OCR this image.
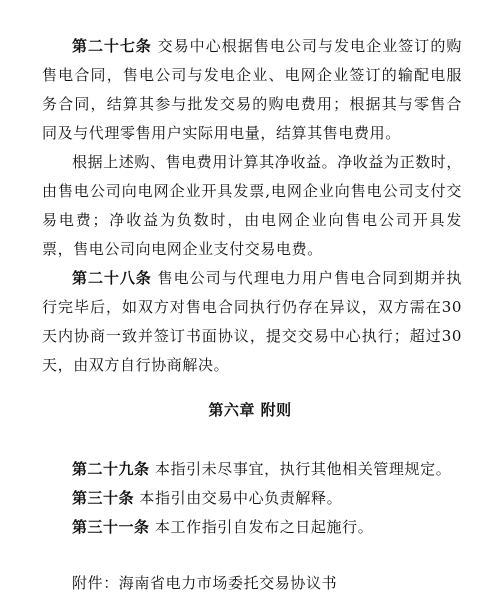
第二十七条 交易中心根据售电公司与发电企业签订的购售电合同，售电公司与发电企业、电网企业签订的输配电服务合同，结算其参与批发交易的购电费用；根据其与零售合同及与代理零售用户实际用电量，结算其售电费用。

根据上述购、售电费用计算其净收益。净收益为正数时，由售电公司向电网企业开具发票,电网企业向售电公司支付交易电费；净收益为负数时，由电网企业向售电公司开具发票，售电公司向电网企业支付交易电费。

第二十八条 售电公司与代理电力用户售电合同到期并执行完毕后，如双方对售电合同执行仍存在异议，双方需在30天内协商一致并签订书面协议，提交交易中心执行；超过30天，由双方自行协商解决。

第六章 附则

第二十九条 本指引未尽事宜，执行其他相关管理规定。

第三十条 本指引由交易中心负责解释。

第三十一条 本工作指引自发布之日起施行。

附件：海南省电力市场委托交易协议书
